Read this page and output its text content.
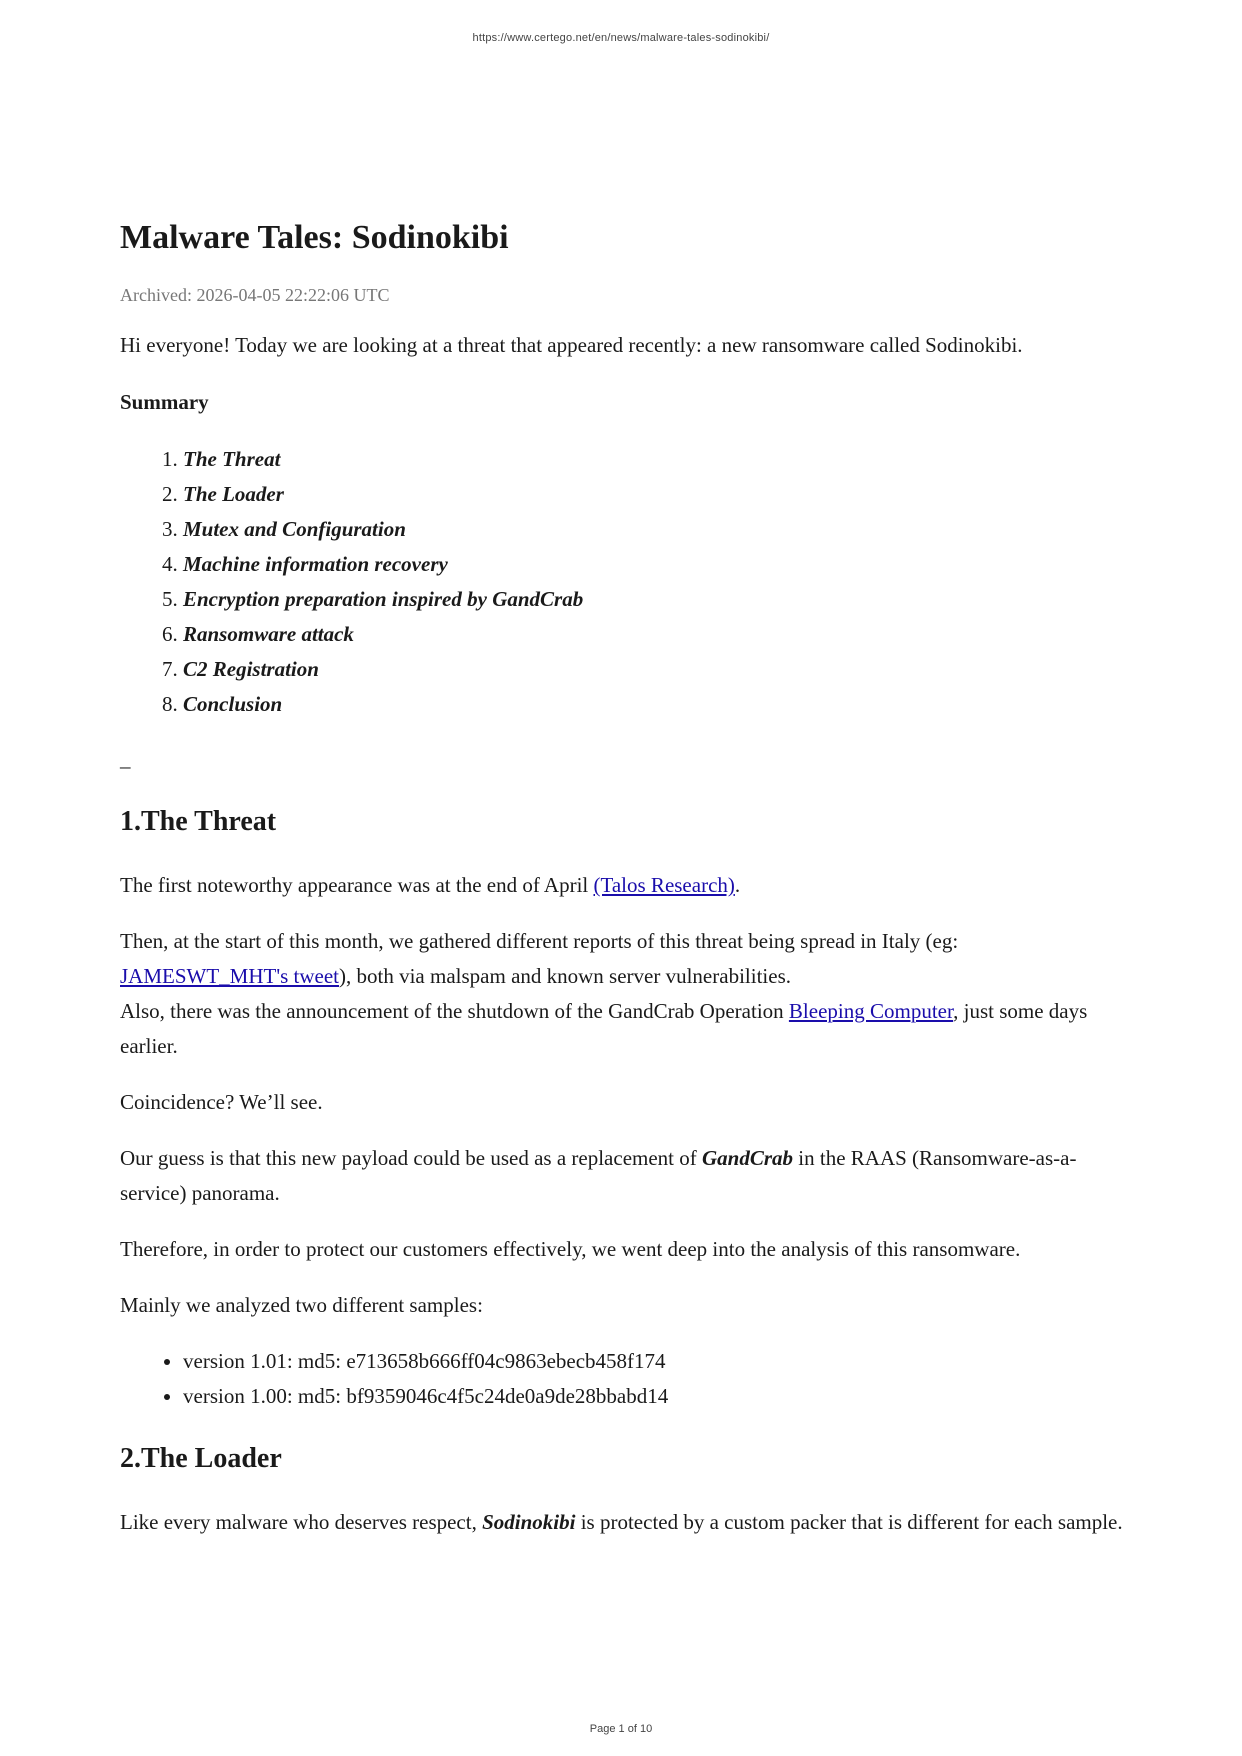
https://www.certego.net/en/news/malware-tales-sodinokibi/
Malware Tales: Sodinokibi

Archived: 2026-04-05 22:22:06 UTC

Hi everyone! Today we are looking at a threat that appeared recently: a new ransomware called Sodinokibi.

Summary

1. The Threat
2. The Loader
3. Mutex and Configuration
4. Machine information recovery
5. Encryption preparation inspired by GandCrab
6. Ransomware attack
7. C2 Registration
8. Conclusion

_

1.The Threat

The first noteworthy appearance was at the end of April (Talos Research).

Then, at the start of this month, we gathered different reports of this threat being spread in Italy (eg: JAMESWT_MHT's tweet), both via malspam and known server vulnerabilities.
Also, there was the announcement of the shutdown of the GandCrab Operation Bleeping Computer, just some days earlier.

Coincidence? We’ll see.

Our guess is that this new payload could be used as a replacement of GandCrab in the RAAS (Ransomware-as-a-service) panorama.

Therefore, in order to protect our customers effectively, we went deep into the analysis of this ransomware.

Mainly we analyzed two different samples:

• version 1.01: md5: e713658b666ff04c9863ebecb458f174
• version 1.00: md5: bf9359046c4f5c24de0a9de28bbabd14
2.The Loader

Like every malware who deserves respect, Sodinokibi is protected by a custom packer that is different for each sample.

Page 1 of 10
